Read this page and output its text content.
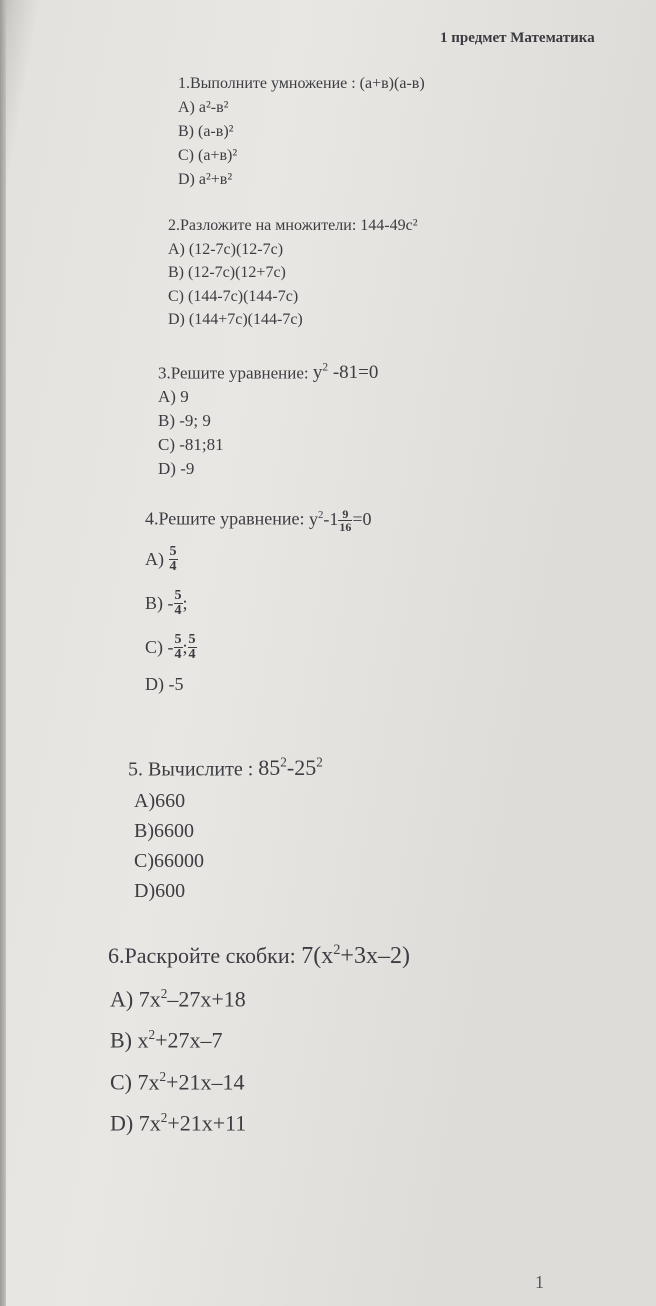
1 предмет Математика
1.Выполните умножение : (а+в)(а-в)
А) а²-в²
В) (а-в)²
С) (а+в)²
D) а²+в²
2.Разложите на множители: 144-49с²
А) (12-7с)(12-7с)
В) (12-7с)(12+7с)
С) (144-7с)(144-7с)
D) (144+7с)(144-7с)
3.Решите уравнение: $y^2$ -81=0
А) 9
В) -9; 9
С) -81;81
D) -9
4.Решите уравнение: $y^2-1 \frac{9}{16} =0$
А)
$\frac{5}{4}$
$В) - \frac{5}{4}$ ;
$С) - \frac{5}{4}$ ; $\frac{5}{4}$
D) -5
5. Вычислите : $85^2-25^2$
А)660
В)6600
С)66000
D)600
6.Раскройте скобки: $7(x^2+3x-2)$
А) $7x^2-27x+18$
В) $x^2+27x-7$
С) $7x^2+21x-14$
D) $7x^2+21x+11$
1
